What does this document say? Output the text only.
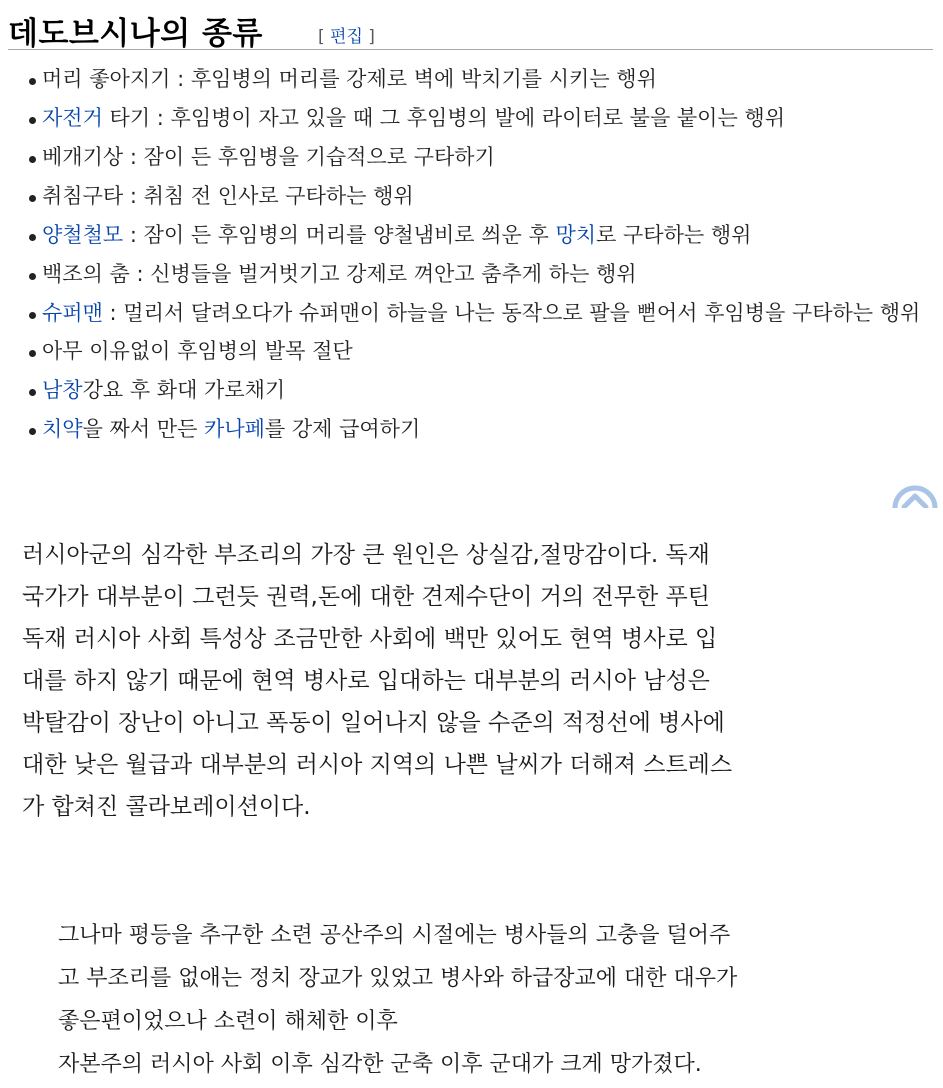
데도브시나의 종류	[ 편집 ]
머리 좋아지기 : 후임병의 머리를 강제로 벽에 박치기를 시키는 행위
자전거 타기 : 후임병이 자고 있을 때 그 후임병의 발에 라이터로 불을 붙이는 행위
베개기상 : 잠이 든 후임병을 기습적으로 구타하기
취침구타 : 취침 전 인사로 구타하는 행위
양철철모 : 잠이 든 후임병의 머리를 양철냄비로 씌운 후 망치로 구타하는 행위
백조의 춤 : 신병들을 벌거벗기고 강제로 껴안고 춤추게 하는 행위
슈퍼맨 : 멀리서 달려오다가 슈퍼맨이 하늘을 나는 동작으로 팔을 뻗어서 후임병을 구타하는 행위
아무 이유없이 후임병의 발목 절단
남창강요 후 화대 가로채기
치약을 짜서 만든 카나페를 강제 급여하기

러시아군의 심각한 부조리의 가장 큰 원인은 상실감,절망감이다. 독재

국가가 대부분이 그런듯 권력,돈에 대한 견제수단이 거의 전무한 푸틴

독재 러시아 사회 특성상 조금만한 사회에 백만 있어도 현역 병사로 입

대를 하지 않기 때문에 현역 병사로 입대하는 대부분의 러시아 남성은

박탈감이 장난이 아니고 폭동이 일어나지 않을 수준의 적정선에 병사에

대한 낮은 월급과 대부분의 러시아 지역의 나쁜 날씨가 더해져 스트레스

가 합쳐진 콜라보레이션이다.

그나마 평등을 추구한 소련 공산주의 시절에는 병사들의 고충을 덜어주

고 부조리를 없애는 정치 장교가 있었고 병사와 하급장교에 대한 대우가

좋은편이었으나 소련이 해체한 이후

자본주의 러시아 사회 이후 심각한 군축 이후 군대가 크게 망가졌다.
